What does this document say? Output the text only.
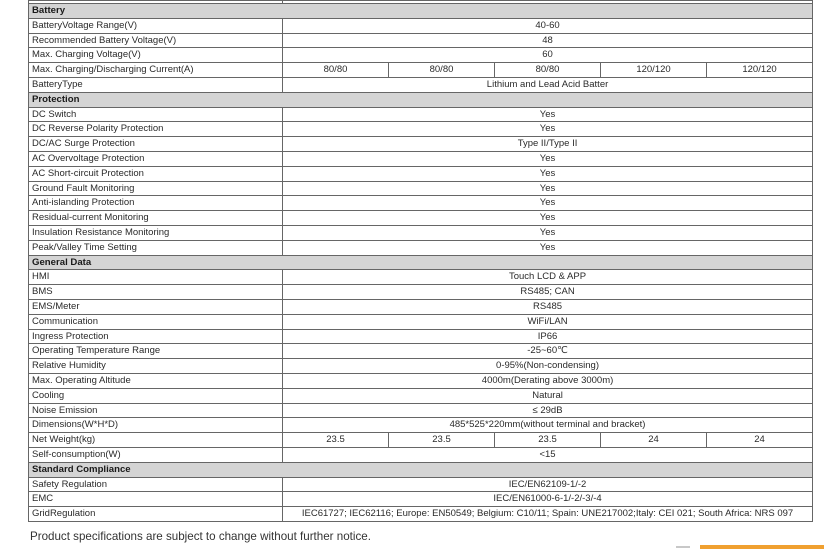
Battery					
BatteryVoltage Range(V)	40-60				
Recommended Battery Voltage(V)	48				
Max. Charging Voltage(V)	60				
Max. Charging/Discharging Current(A)	80/80	80/80	80/80	120/120	120/120
BatteryType	Lithium and Lead Acid Batter				
Protection					
DC Switch	Yes				
DC Reverse Polarity Protection	Yes				
DC/AC Surge Protection	Type II/Type II				
AC Overvoltage Protection	Yes				
AC Short-circuit Protection	Yes				
Ground Fault Monitoring	Yes				
Anti-islanding Protection	Yes				
Residual-current Monitoring	Yes				
Insulation Resistance Monitoring	Yes				
Peak/Valley Time Setting	Yes				
General Data					
HMI	Touch LCD & APP				
BMS	RS485; CAN				
EMS/Meter	RS485				
Communication	WiFi/LAN				
Ingress Protection	IP66				
Operating Temperature Range	-25~60℃				
Relative Humidity	0-95%(Non-condensing)				
Max. Operating Altitude	4000m(Derating above 3000m)				
Cooling	Natural				
Noise Emission	≤ 29dB				
Dimensions(W*H*D)	485*525*220mm(without terminal and bracket)				
Net Weight(kg)	23.5	23.5	23.5	24	24
Self-consumption(W)	<15				
Standard Compliance					
Safety Regulation	IEC/EN62109-1/-2				
EMC	IEC/EN61000-6-1/-2/-3/-4				
GridRegulation	IEC61727; IEC62116; Europe: EN50549; Belgium: C10/11; Spain: UNE217002;Italy: CEI 021; South Africa: NRS 097				
Product specifications are subject to change without further notice.
